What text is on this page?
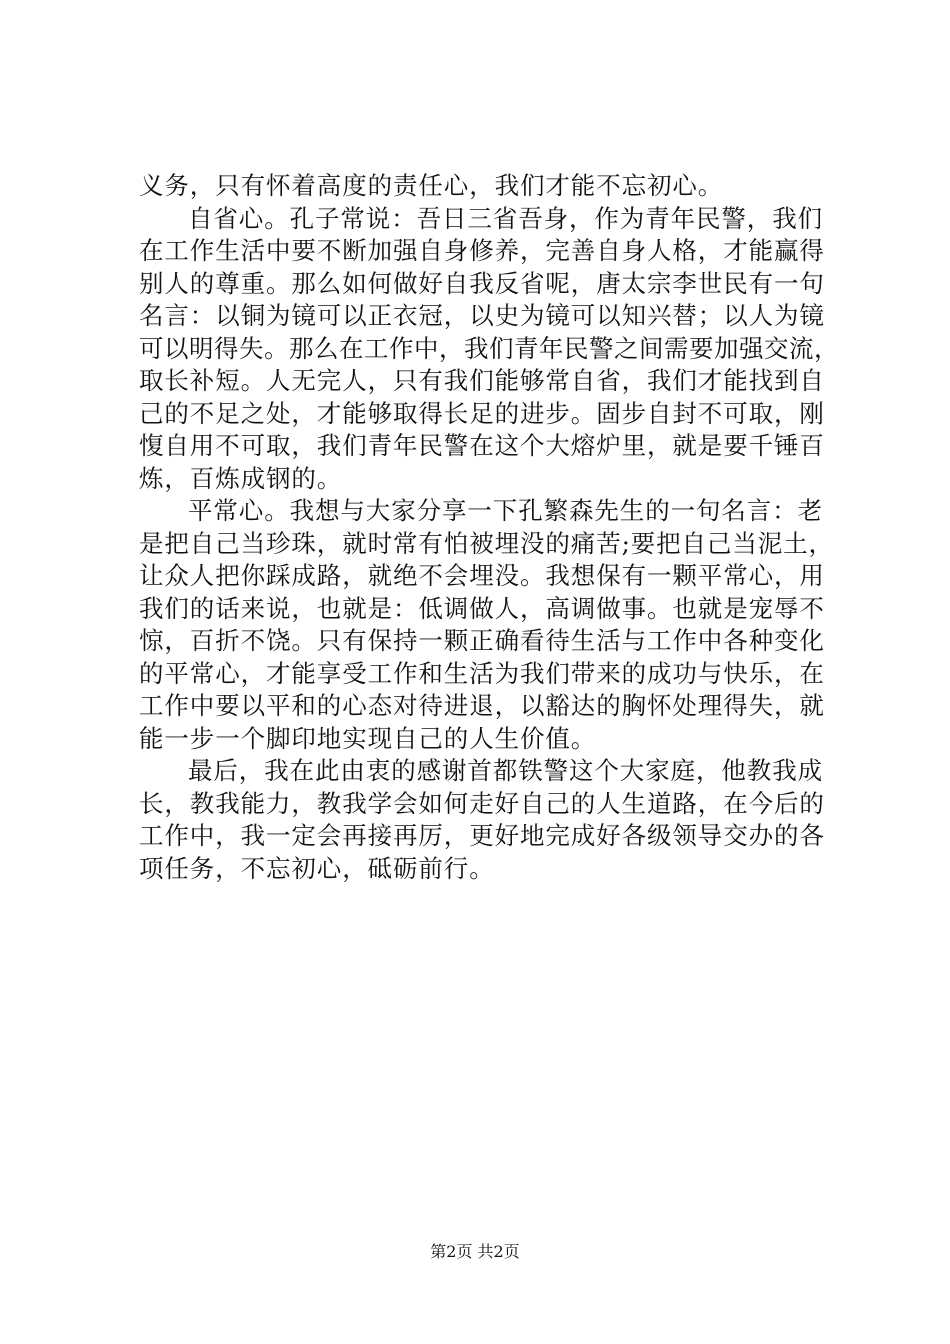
义务，只有怀着高度的责任心，我们才能不忘初心。
自省心。孔子常说：吾日三省吾身，作为青年民警，我们
在工作生活中要不断加强自身修养，完善自身人格，才能赢得
别人的尊重。那么如何做好自我反省呢，唐太宗李世民有一句
名言：以铜为镜可以正衣冠，以史为镜可以知兴替；以人为镜
可以明得失。那么在工作中，我们青年民警之间需要加强交流，
取长补短。人无完人，只有我们能够常自省，我们才能找到自
己的不足之处，才能够取得长足的进步。固步自封不可取，刚
愎自用不可取，我们青年民警在这个大熔炉里，就是要千锤百
炼，百炼成钢的。
平常心。我想与大家分享一下孔繁森先生的一句名言：老
是把自己当珍珠，就时常有怕被埋没的痛苦;要把自己当泥土，
让众人把你踩成路，就绝不会埋没。我想保有一颗平常心，用
我们的话来说，也就是：低调做人，高调做事。也就是宠辱不
惊，百折不饶。只有保持一颗正确看待生活与工作中各种变化
的平常心，才能享受工作和生活为我们带来的成功与快乐，在
工作中要以平和的心态对待进退，以豁达的胸怀处理得失，就
能一步一个脚印地实现自己的人生价值。
最后，我在此由衷的感谢首都铁警这个大家庭，他教我成
长，教我能力，教我学会如何走好自己的人生道路，在今后的
工作中，我一定会再接再厉，更好地完成好各级领导交办的各
项任务，不忘初心，砥砺前行。
第2页 共2页
